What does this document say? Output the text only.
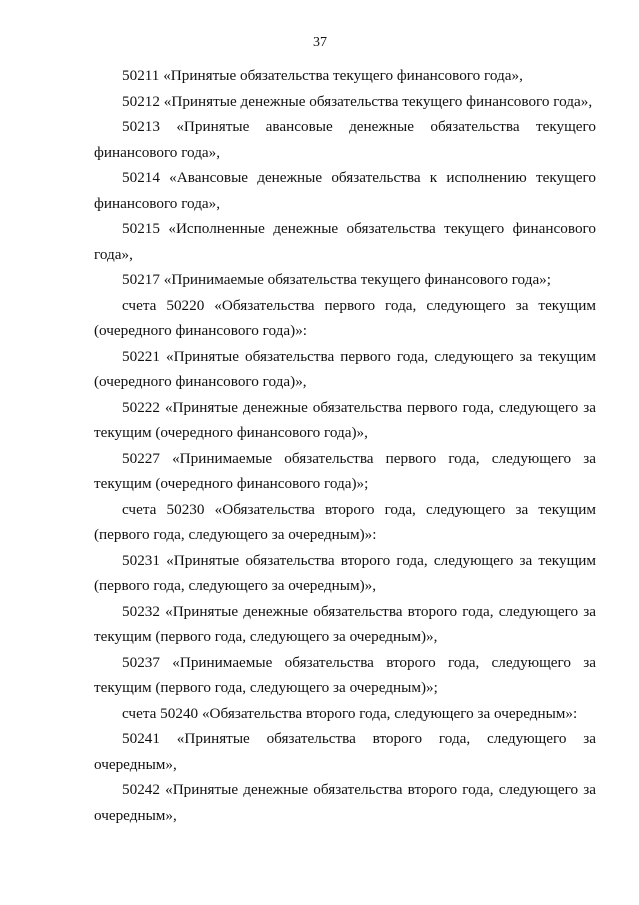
37

50211 «Принятые обязательства текущего финансового года»,

50212 «Принятые денежные обязательства текущего финансового года»,

50213 «Принятые авансовые денежные обязательства текущего финансового года»,

50214 «Авансовые денежные обязательства к исполнению текущего финансового года»,

50215 «Исполненные денежные обязательства текущего финансового года»,

50217 «Принимаемые обязательства текущего финансового года»;

счета 50220 «Обязательства первого года, следующего за текущим (очередного финансового года)»:

50221 «Принятые обязательства первого года, следующего за текущим (очередного финансового года)»,

50222 «Принятые денежные обязательства первого года, следующего за текущим (очередного финансового года)»,

50227 «Принимаемые обязательства первого года, следующего за текущим (очередного финансового года)»;

счета 50230 «Обязательства второго года, следующего за текущим (первого года, следующего за очередным)»:

50231 «Принятые обязательства второго года, следующего за текущим (первого года, следующего за очередным)»,

50232 «Принятые денежные обязательства второго года, следующего за текущим (первого года, следующего за очередным)»,

50237 «Принимаемые обязательства второго года, следующего за текущим (первого года, следующего за очередным)»;

счета 50240 «Обязательства второго года, следующего за очередным»:

50241 «Принятые обязательства второго года, следующего за очередным»,

50242 «Принятые денежные обязательства второго года, следующего за очередным»,
